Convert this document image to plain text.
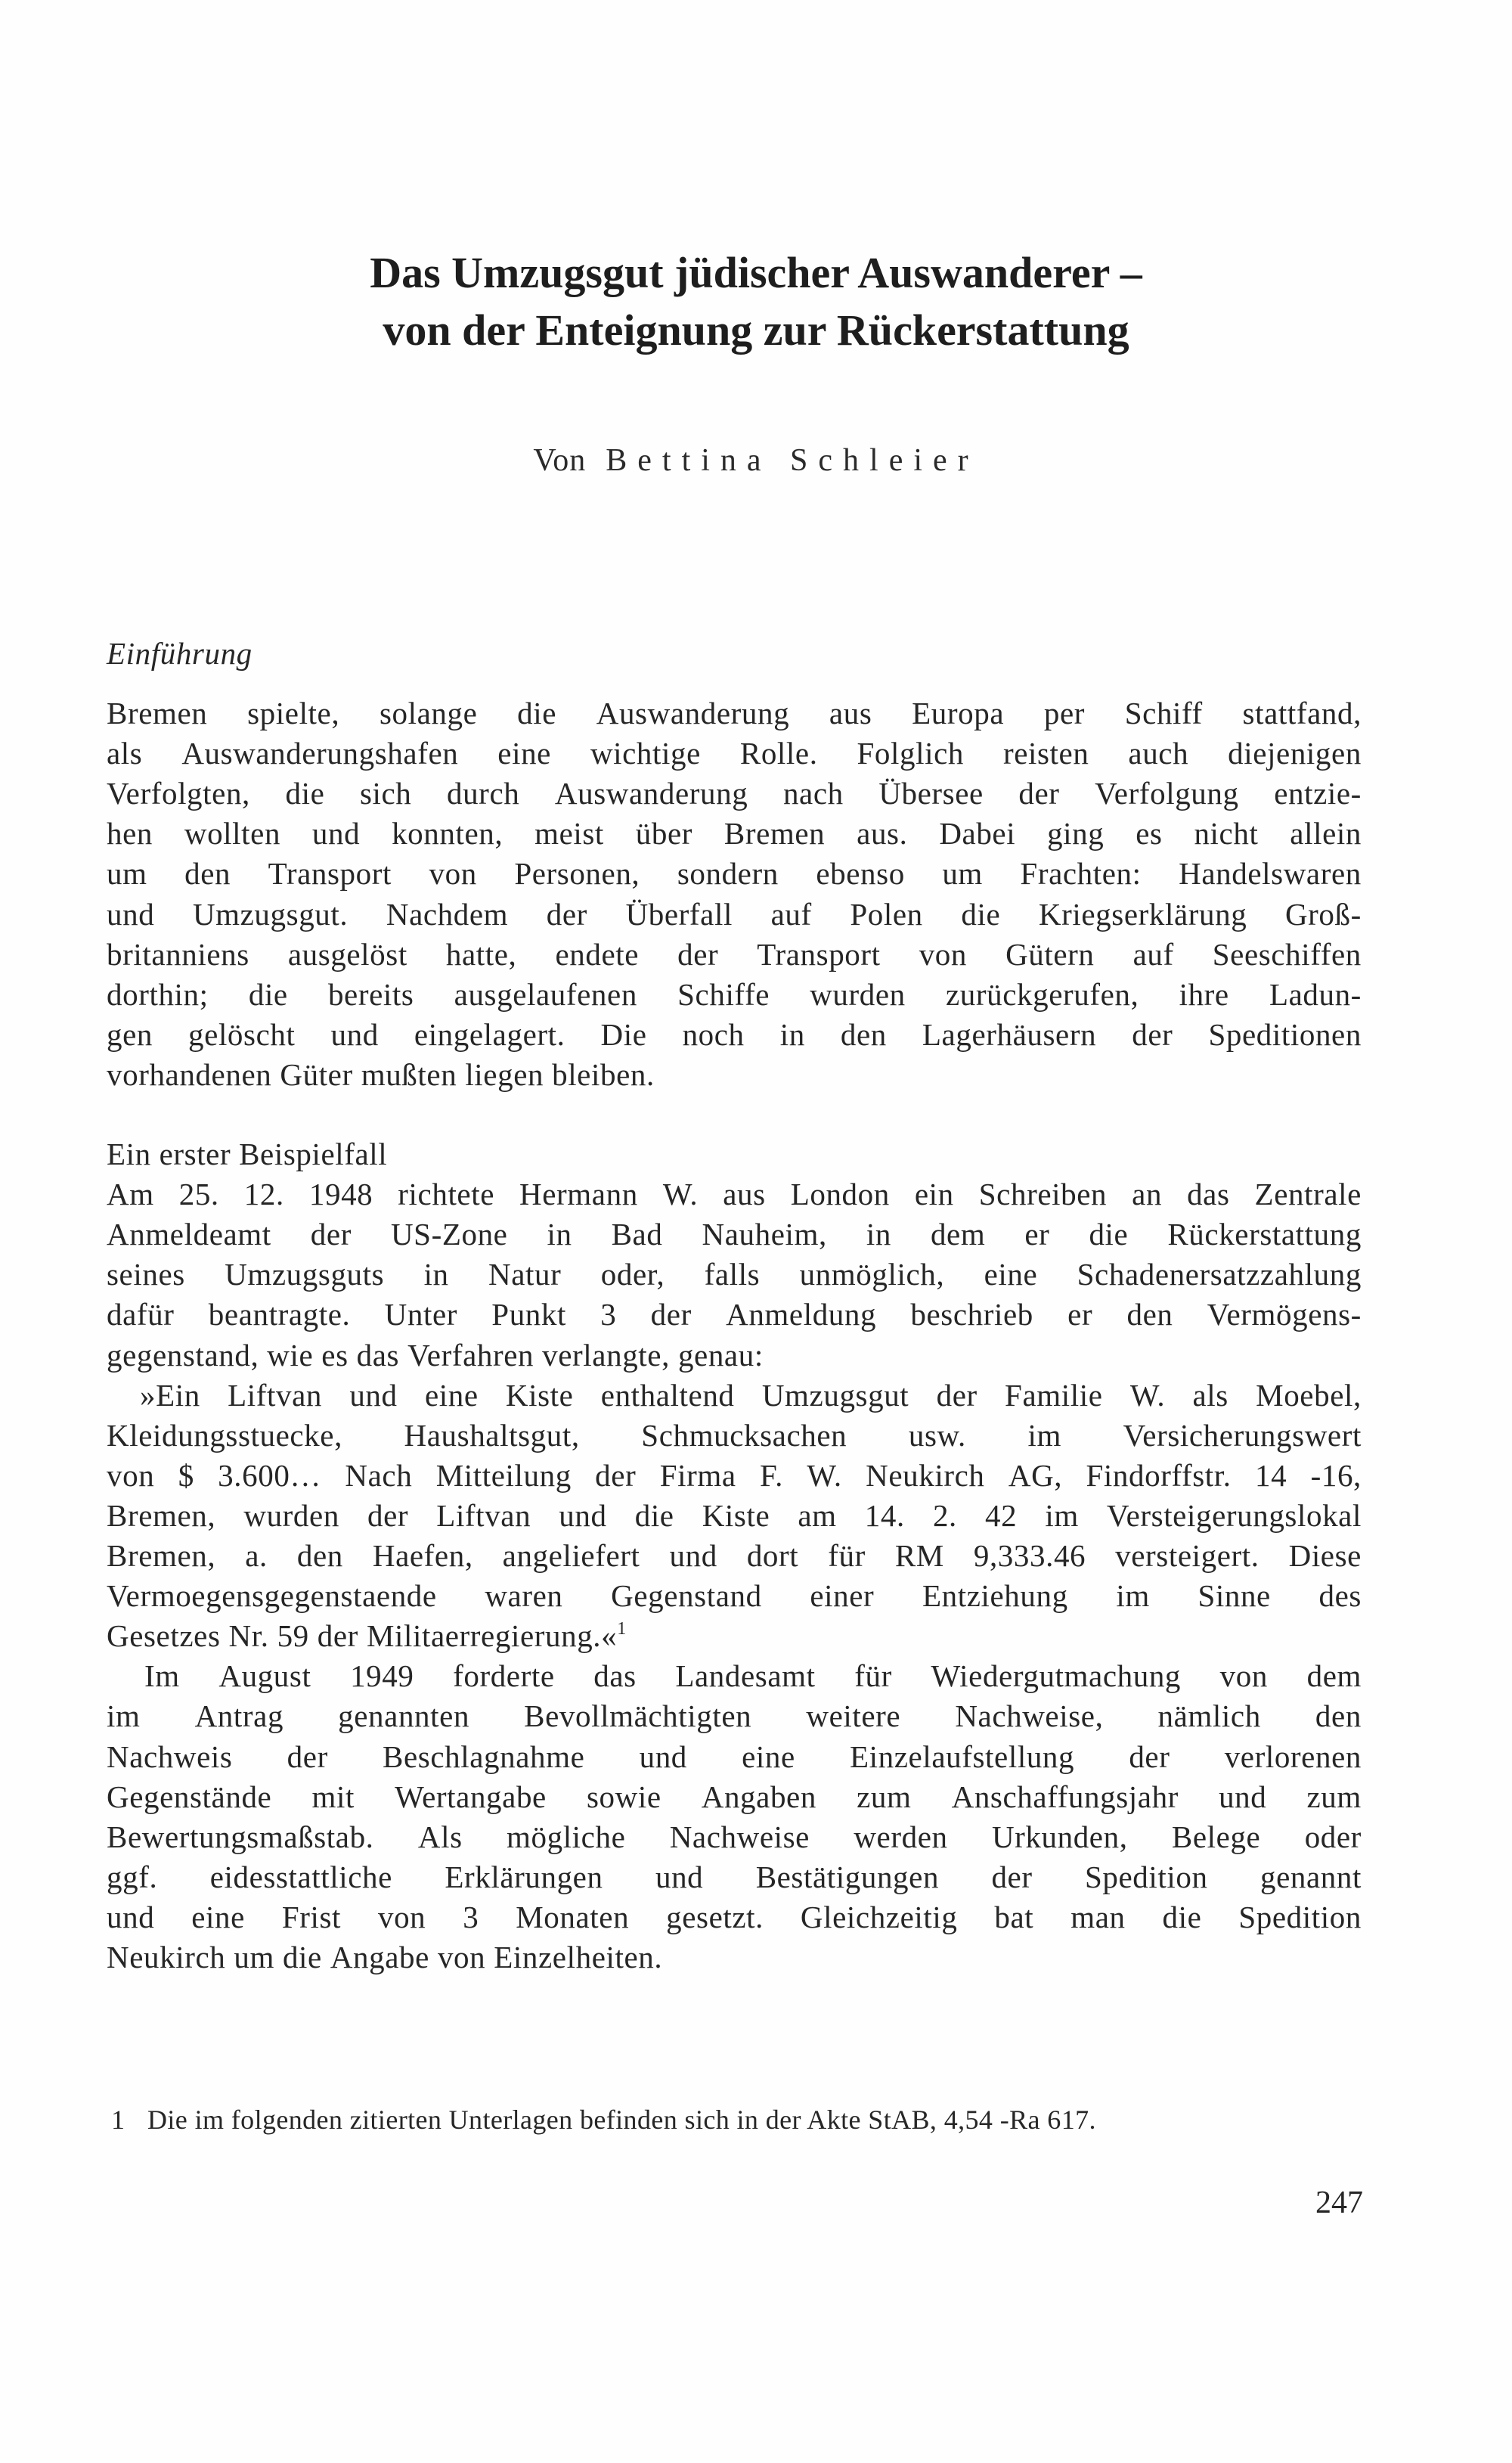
Das Umzugsgut jüdischer Auswanderer –
von der Enteignung zur Rückerstattung
Von Bettina Schleier
Einführung
Bremen spielte, solange die Auswanderung aus Europa per Schiff stattfand,
als Auswanderungshafen eine wichtige Rolle. Folglich reisten auch diejenigen
Verfolgten, die sich durch Auswanderung nach Übersee der Verfolgung entzie-
hen wollten und konnten, meist über Bremen aus. Dabei ging es nicht allein
um den Transport von Personen, sondern ebenso um Frachten: Handelswaren
und Umzugsgut. Nachdem der Überfall auf Polen die Kriegserklärung Groß-
britanniens ausgelöst hatte, endete der Transport von Gütern auf Seeschiffen
dorthin; die bereits ausgelaufenen Schiffe wurden zurückgerufen, ihre Ladun-
gen gelöscht und eingelagert. Die noch in den Lagerhäusern der Speditionen
vorhandenen Güter mußten liegen bleiben.
Ein erster Beispielfall
Am 25. 12. 1948 richtete Hermann W. aus London ein Schreiben an das Zentrale
Anmeldeamt der US-Zone in Bad Nauheim, in dem er die Rückerstattung
seines Umzugsguts in Natur oder, falls unmöglich, eine Schadenersatzzahlung
dafür beantragte. Unter Punkt 3 der Anmeldung beschrieb er den Vermögens-
gegenstand, wie es das Verfahren verlangte, genau:
»Ein Liftvan und eine Kiste enthaltend Umzugsgut der Familie W. als Moebel,
Kleidungsstuecke, Haushaltsgut, Schmucksachen usw. im Versicherungswert
von $ 3.600… Nach Mitteilung der Firma F. W. Neukirch AG, Findorffstr. 14 -16,
Bremen, wurden der Liftvan und die Kiste am 14. 2. 42 im Versteigerungslokal
Bremen, a. den Haefen, angeliefert und dort für RM 9,333.46 versteigert. Diese
Vermoegensgegenstaende waren Gegenstand einer Entziehung im Sinne des
Gesetzes Nr. 59 der Militaerregierung.«$^1$
Im August 1949 forderte das Landesamt für Wiedergutmachung von dem
im Antrag genannten Bevollmächtigten weitere Nachweise, nämlich den
Nachweis der Beschlagnahme und eine Einzelaufstellung der verlorenen
Gegenstände mit Wertangabe sowie Angaben zum Anschaffungsjahr und zum
Bewertungsmaßstab. Als mögliche Nachweise werden Urkunden, Belege oder
ggf. eidesstattliche Erklärungen und Bestätigungen der Spedition genannt
und eine Frist von 3 Monaten gesetzt. Gleichzeitig bat man die Spedition
Neukirch um die Angabe von Einzelheiten.
1 Die im folgenden zitierten Unterlagen befinden sich in der Akte StAB, 4,54 -Ra 617.
247
